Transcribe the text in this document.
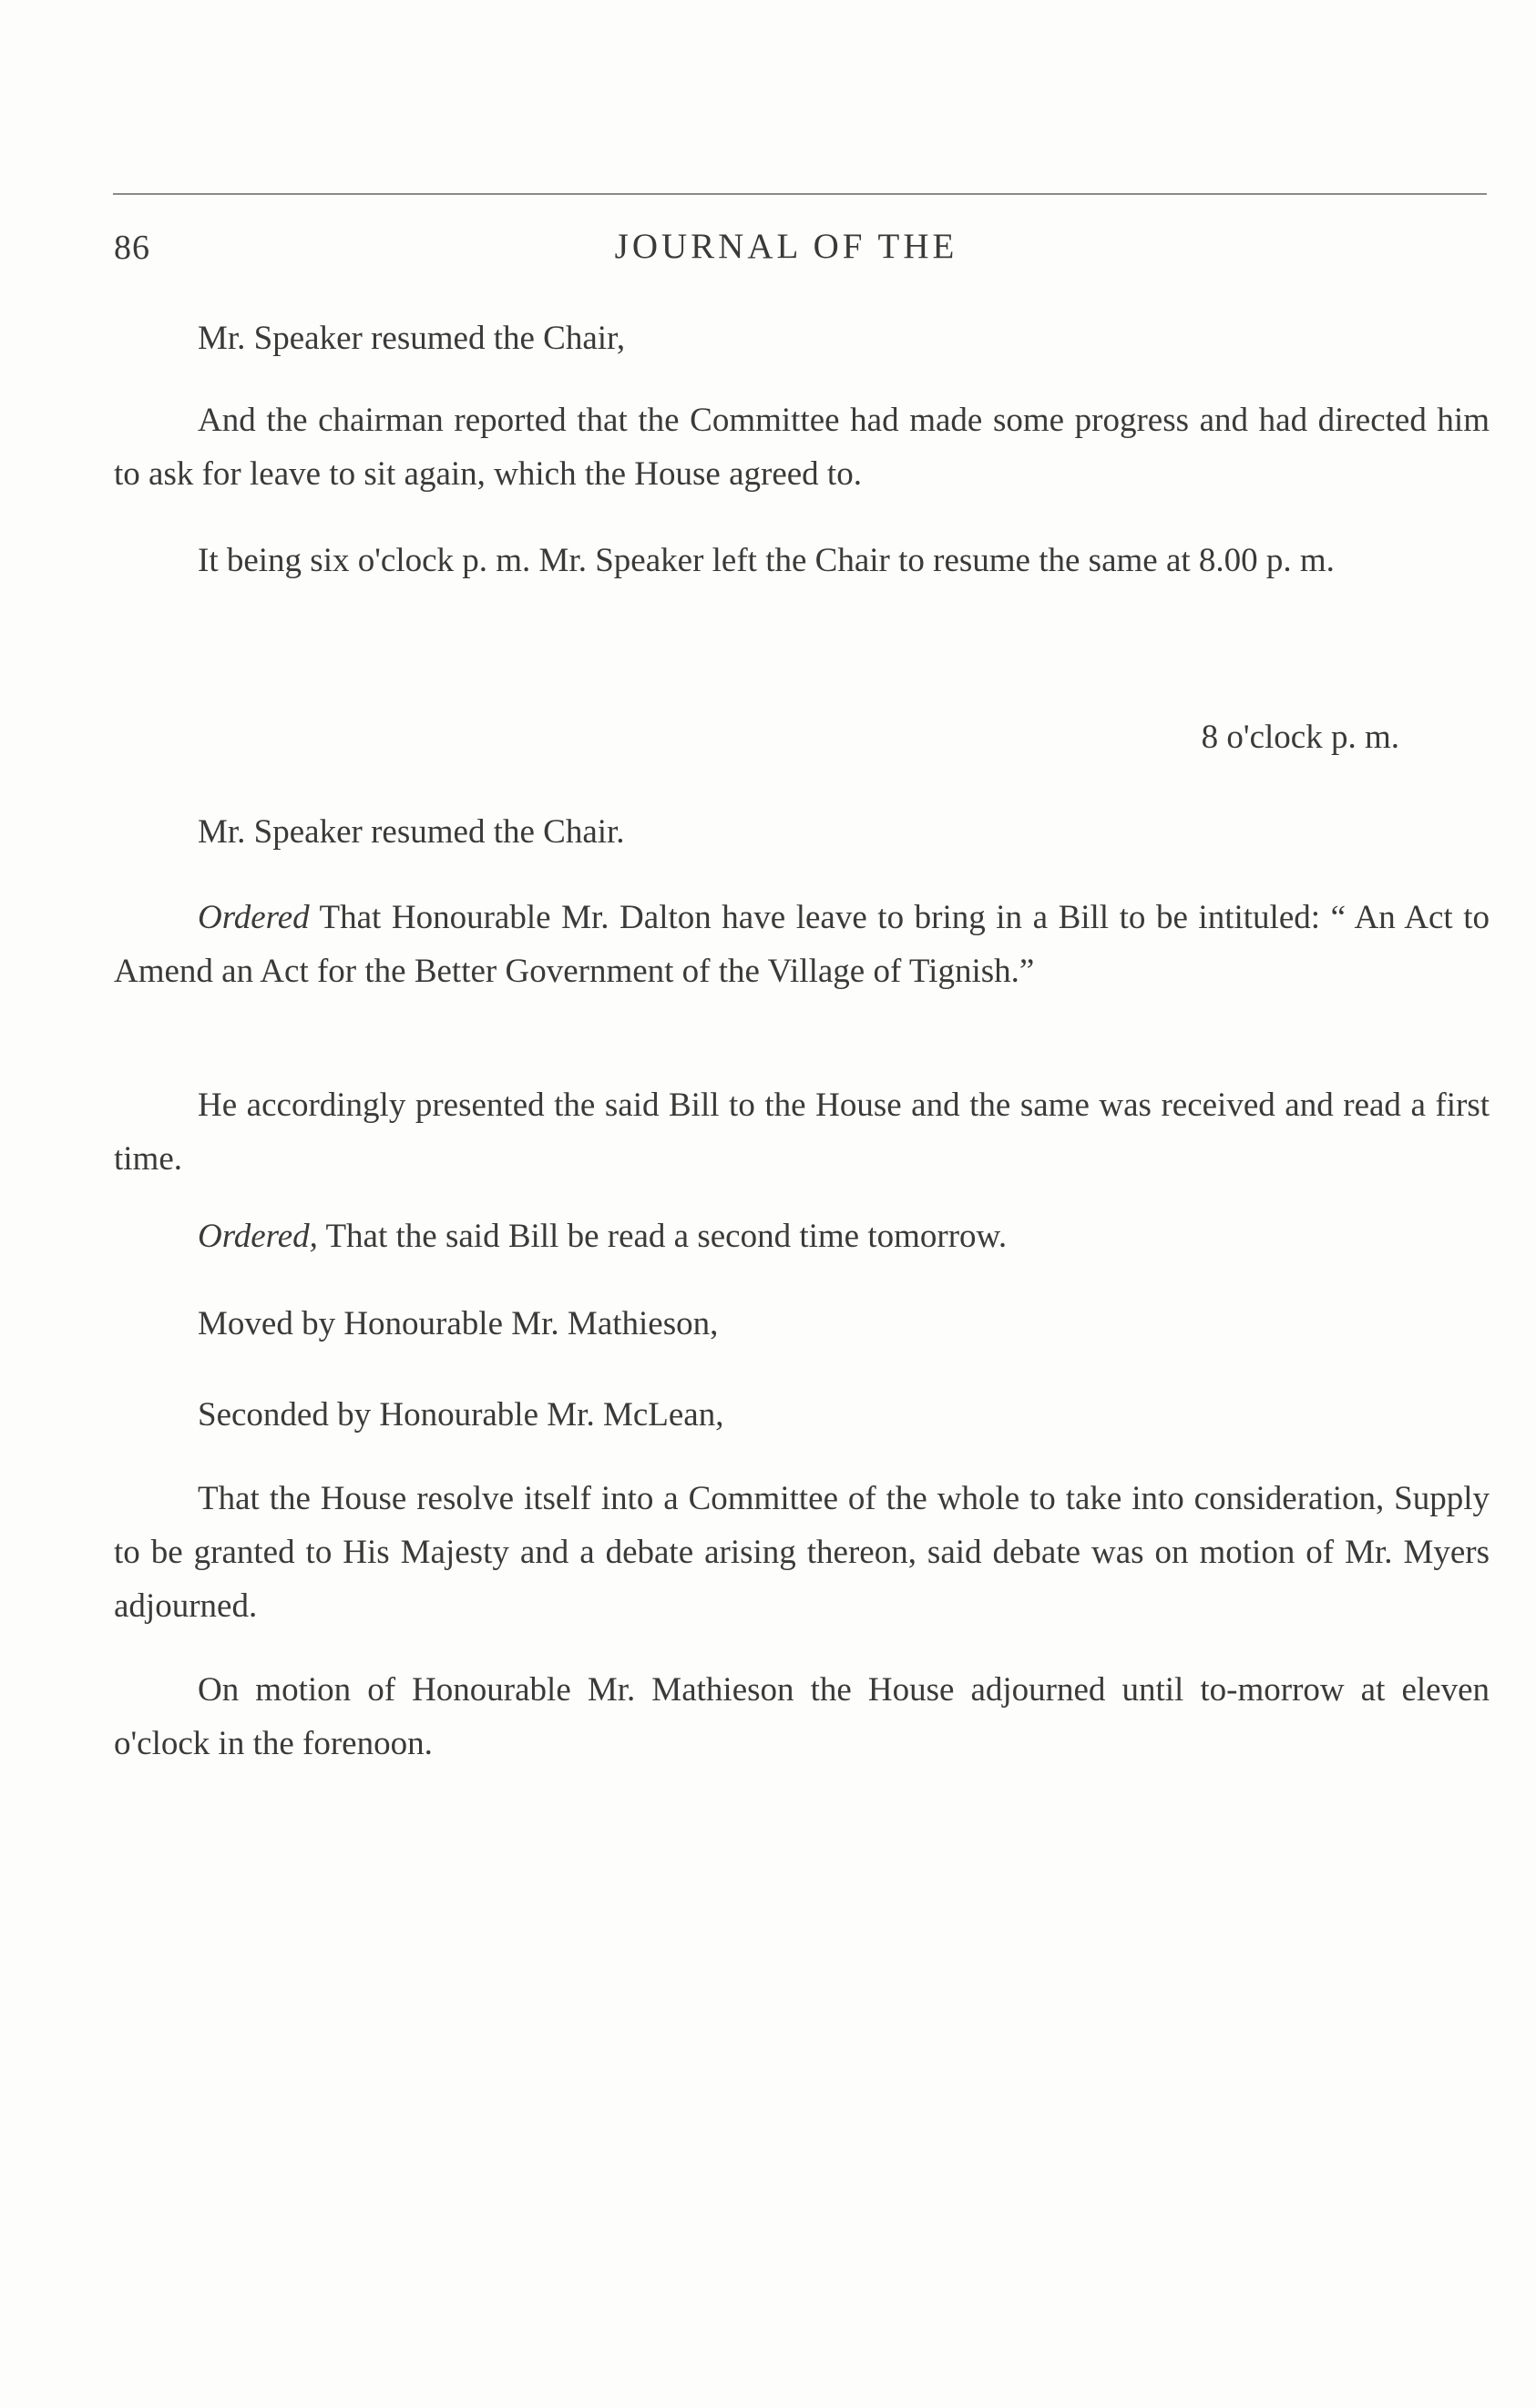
86	JOURNAL OF THE

Mr. Speaker resumed the Chair,

And the chairman reported that the Committee had made some progress and had directed him to ask for leave to sit again, which the House agreed to.

It being six o'clock p. m. Mr. Speaker left the Chair to resume the same at 8.00 p. m.

8 o'clock p. m.

Mr. Speaker resumed the Chair.

Ordered That Honourable Mr. Dalton have leave to bring in a Bill to be intituled: “ An Act to Amend an Act for the Better Government of the Village of Tignish.”

He accordingly presented the said Bill to the House and the same was received and read a first time.

Ordered, That the said Bill be read a second time tomorrow.

Moved by Honourable Mr. Mathieson,

Seconded by Honourable Mr. McLean,

That the House resolve itself into a Committee of the whole to take into consideration, Supply to be granted to His Majesty and a debate arising thereon, said debate was on motion of Mr. Myers adjourned.

On motion of Honourable Mr. Mathieson the House adjourned until to-morrow at eleven o'clock in the forenoon.
